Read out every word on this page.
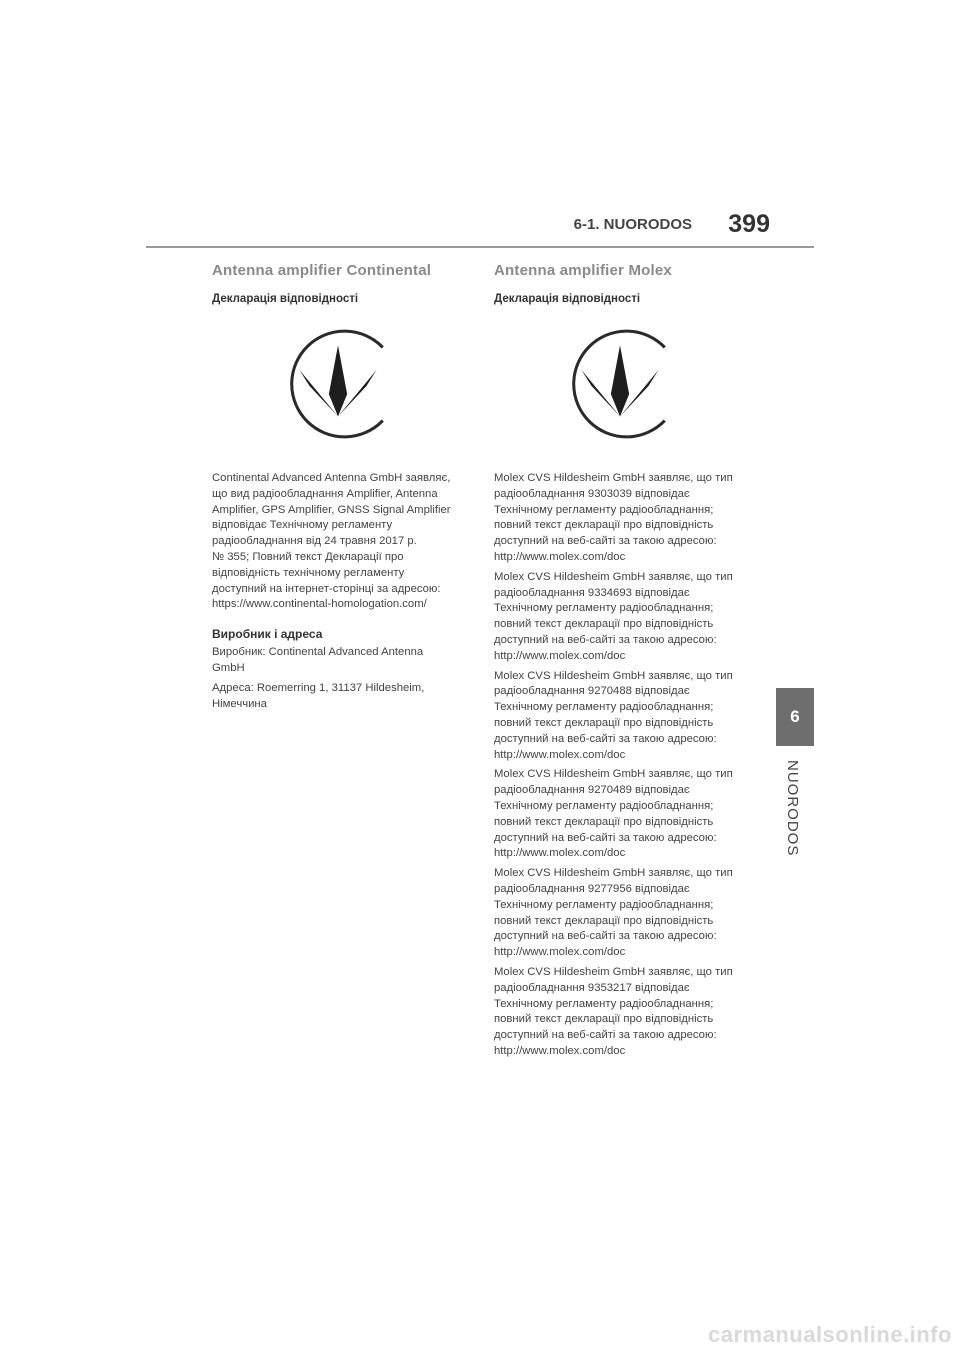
6-1. NUORODOS 399
6
NUORODOS
Antenna amplifier Continental
Декларація відповідності

Continental Advanced Antenna GmbH заявляє,
що вид радіообладнання Amplifier, Antenna
Amplifier, GPS Amplifier, GNSS Signal Amplifier
відповідає Технічному регламенту
радіообладнання від 24 травня 2017 р.
№ 355; Повний текст Декларації про
відповідність технічному регламенту
доступний на інтернет-сторінці за адресою:
https://www.continental-homologation.com/

Виробник і адреса

Виробник: Continental Advanced Antenna
GmbH

Адреса: Roemerring 1, 31137 Hildesheim,
Німеччина

Antenna amplifier Molex
Декларація відповідності

Molex CVS Hildesheim GmbH заявляє, що тип
радіообладнання 9303039 відповідає
Технічному регламенту радіообладнання;
повний текст декларації про відповідність
доступний на веб-сайті за такою адресою:
http://www.molex.com/doc

Molex CVS Hildesheim GmbH заявляє, що тип
радіообладнання 9334693 відповідає
Технічному регламенту радіообладнання;
повний текст декларації про відповідність
доступний на веб-сайті за такою адресою:
http://www.molex.com/doc

Molex CVS Hildesheim GmbH заявляє, що тип
радіообладнання 9270488 відповідає
Технічному регламенту радіообладнання;
повний текст декларації про відповідність
доступний на веб-сайті за такою адресою:
http://www.molex.com/doc

Molex CVS Hildesheim GmbH заявляє, що тип
радіообладнання 9270489 відповідає
Технічному регламенту радіообладнання;
повний текст декларації про відповідність
доступний на веб-сайті за такою адресою:
http://www.molex.com/doc

Molex CVS Hildesheim GmbH заявляє, що тип
радіообладнання 9277956 відповідає
Технічному регламенту радіообладнання;
повний текст декларації про відповідність
доступний на веб-сайті за такою адресою:
http://www.molex.com/doc

Molex CVS Hildesheim GmbH заявляє, що тип
радіообладнання 9353217 відповідає
Технічному регламенту радіообладнання;
повний текст декларації про відповідність
доступний на веб-сайті за такою адресою:
http://www.molex.com/doc

carmanualsonline.info
